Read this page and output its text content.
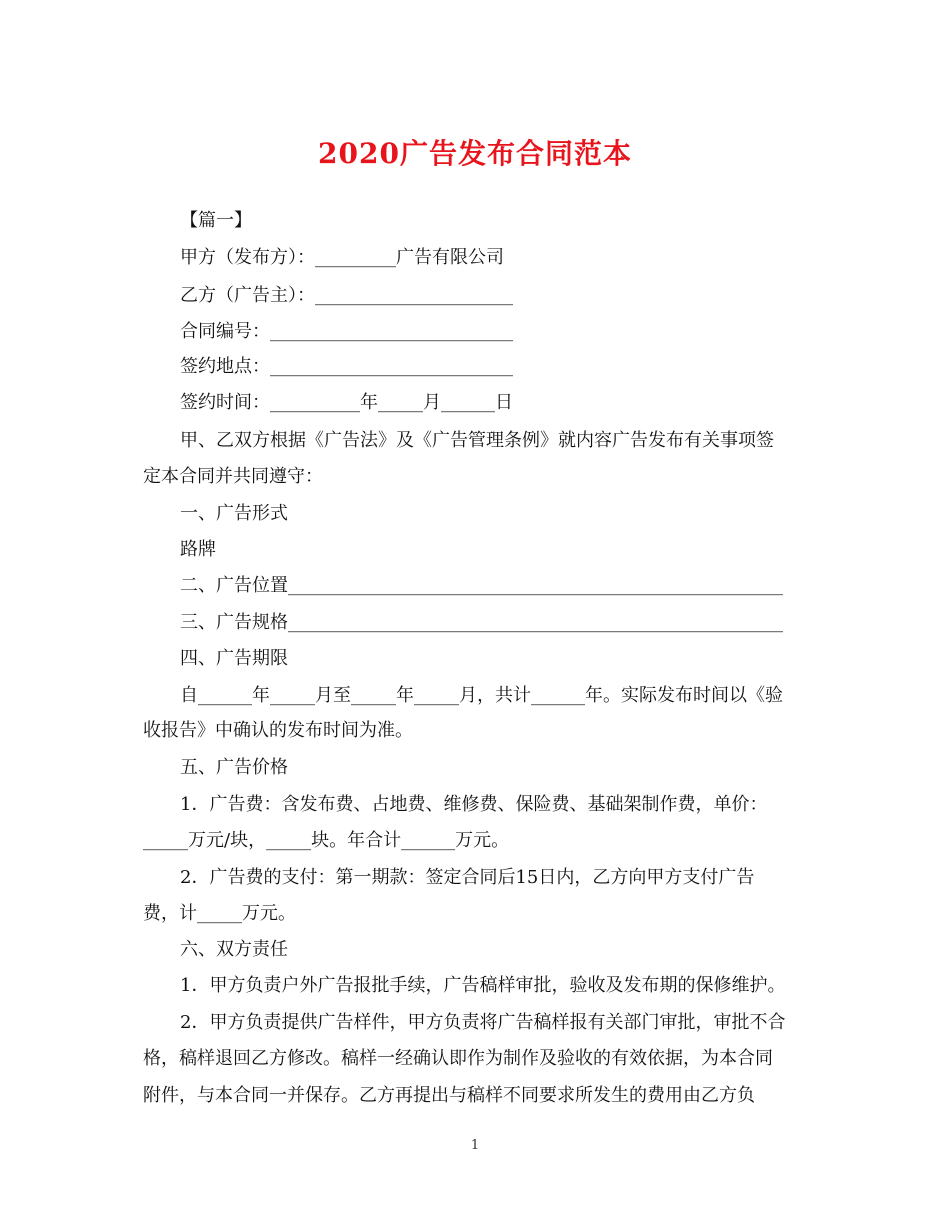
2020广告发布合同范本
【篇一】
甲方（发布方）：_________广告有限公司
乙方（广告主）：______________________
合同编号：___________________________
签约地点：___________________________
签约时间：__________年_____月______日
甲、乙双方根据《广告法》及《广告管理条例》就内容广告发布有关事项签
定本合同并共同遵守：
一、广告形式
路牌
二、广告位置_______________________________________________________
三、广告规格_______________________________________________________
四、广告期限
自______年_____月至_____年_____月，共计______年。实际发布时间以《验
收报告》中确认的发布时间为准。
五、广告价格
1．广告费：含发布费、占地费、维修费、保险费、基础架制作费，单价：
_____万元/块，_____块。年合计______万元。
2．广告费的支付：第一期款：签定合同后15日内，乙方向甲方支付广告
费，计_____万元。
六、双方责任
1．甲方负责户外广告报批手续，广告稿样审批，验收及发布期的保修维护。
2．甲方负责提供广告样件，甲方负责将广告稿样报有关部门审批，审批不合
格，稿样退回乙方修改。稿样一经确认即作为制作及验收的有效依据，为本合同
附件，与本合同一并保存。乙方再提出与稿样不同要求所发生的费用由乙方负
1
